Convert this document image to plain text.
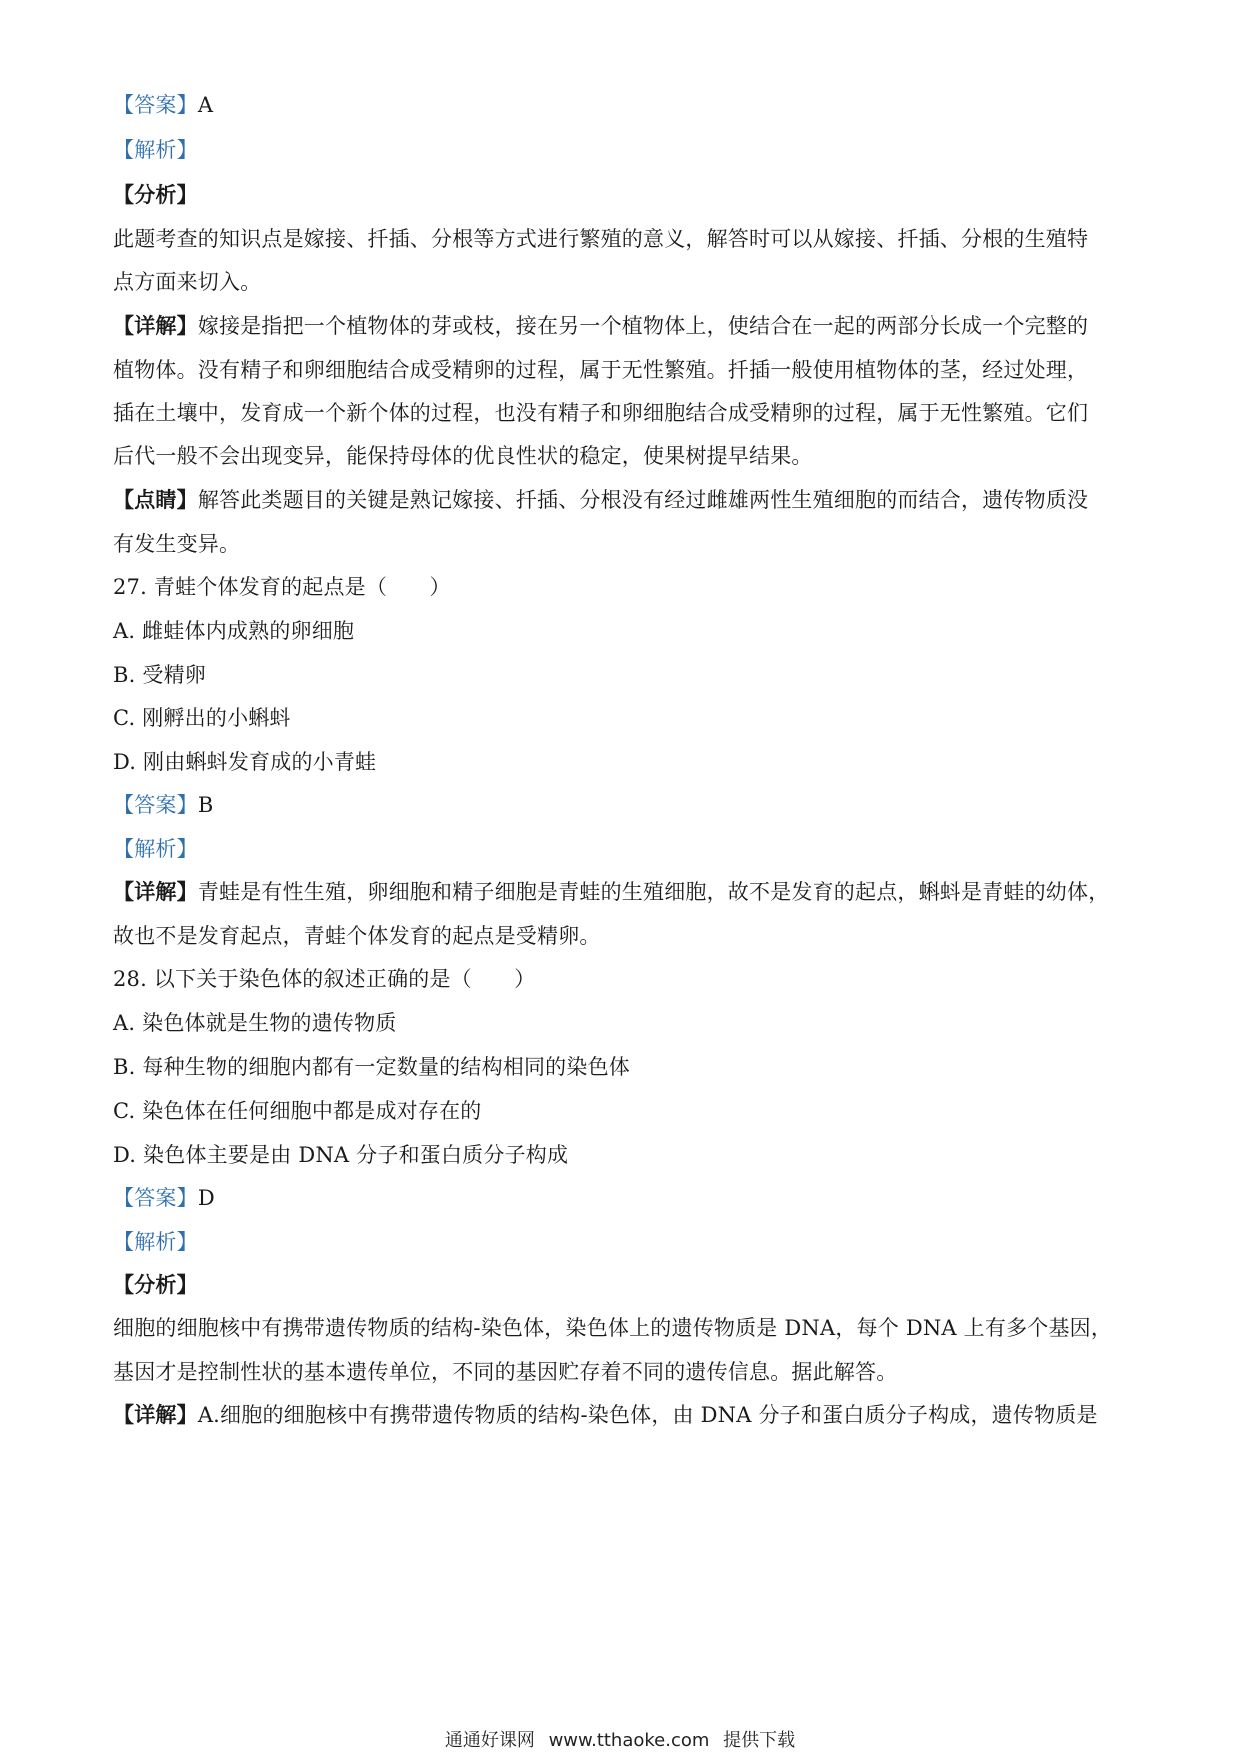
【答案】A
【解析】
【分析】
此题考查的知识点是嫁接、扦插、分根等方式进行繁殖的意义，解答时可以从嫁接、扦插、分根的生殖特
点方面来切入。
【详解】嫁接是指把一个植物体的芽或枝，接在另一个植物体上，使结合在一起的两部分长成一个完整的
植物体。没有精子和卵细胞结合成受精卵的过程，属于无性繁殖。扦插一般使用植物体的茎，经过处理，
插在土壤中，发育成一个新个体的过程，也没有精子和卵细胞结合成受精卵的过程，属于无性繁殖。它们
后代一般不会出现变异，能保持母体的优良性状的稳定，使果树提早结果。
【点睛】解答此类题目的关键是熟记嫁接、扦插、分根没有经过雌雄两性生殖细胞的而结合，遗传物质没
有发生变异。
27. 青蛙个体发育的起点是（　　）
A. 雌蛙体内成熟的卵细胞
B. 受精卵
C. 刚孵出的小蝌蚪
D. 刚由蝌蚪发育成的小青蛙
【答案】B
【解析】
【详解】青蛙是有性生殖，卵细胞和精子细胞是青蛙的生殖细胞，故不是发育的起点，蝌蚪是青蛙的幼体，
故也不是发育起点，青蛙个体发育的起点是受精卵。
28. 以下关于染色体的叙述正确的是（　　）
A. 染色体就是生物的遗传物质
B. 每种生物的细胞内都有一定数量的结构相同的染色体
C. 染色体在任何细胞中都是成对存在的
D. 染色体主要是由 DNA 分子和蛋白质分子构成
【答案】D
【解析】
【分析】
细胞的细胞核中有携带遗传物质的结构-染色体，染色体上的遗传物质是 DNA，每个 DNA 上有多个基因，
基因才是控制性状的基本遗传单位，不同的基因贮存着不同的遗传信息。据此解答。
【详解】A.细胞的细胞核中有携带遗传物质的结构-染色体，由 DNA 分子和蛋白质分子构成，遗传物质是
通通好课网 www.tthaoke.com 提供下载
